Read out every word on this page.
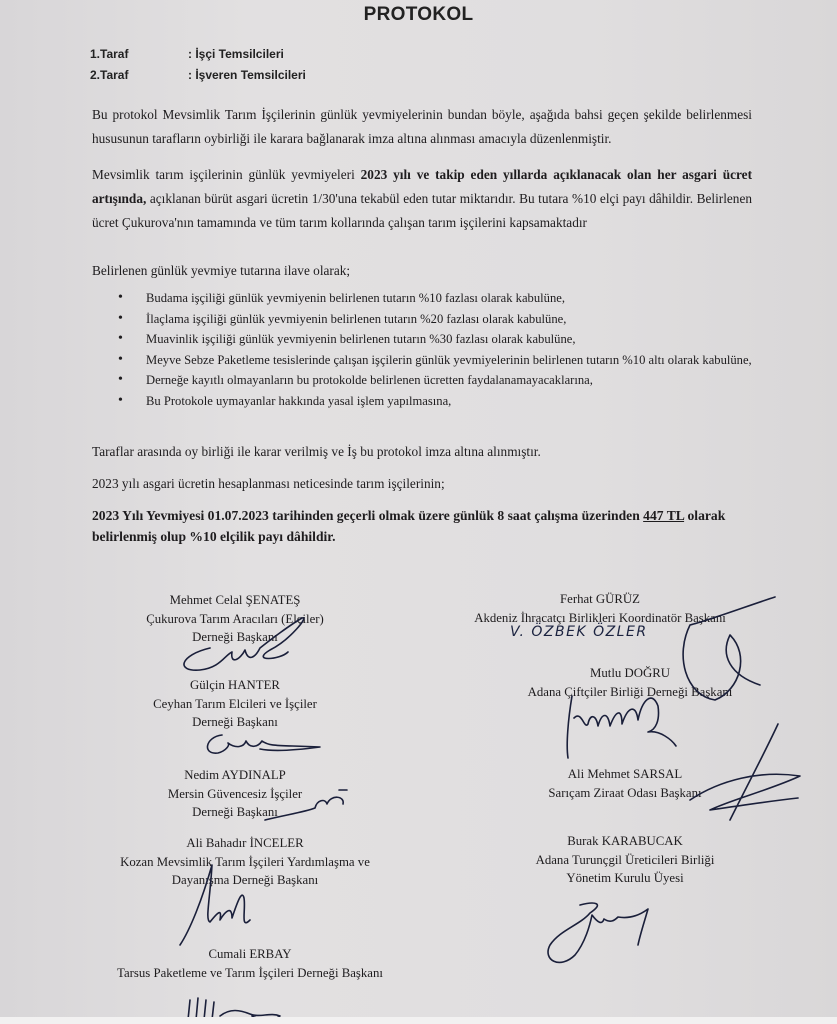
PROTOKOL
1.Taraf	: İşçi Temsilcileri
2.Taraf	: İşveren Temsilcileri
Bu protokol Mevsimlik Tarım İşçilerinin günlük yevmiyelerinin bundan böyle, aşağıda bahsi geçen şekilde belirlenmesi hususunun tarafların oybirliği ile karara bağlanarak imza altına alınması amacıyla düzenlenmiştir.
Mevsimlik tarım işçilerinin günlük yevmiyeleri 2023 yılı ve takip eden yıllarda açıklanacak olan her asgari ücret artışında, açıklanan bürüt asgari ücretin 1/30'una tekabül eden tutar miktarıdır. Bu tutara %10 elçi payı dâhildir. Belirlenen ücret Çukurova'nın tamamında ve tüm tarım kollarında çalışan tarım işçilerini kapsamaktadır
Belirlenen günlük yevmiye tutarına ilave olarak;
• Budama işçiliği günlük yevmiyenin belirlenen tutarın %10 fazlası olarak kabulüne,
• İlaçlama işçiliği günlük yevmiyenin belirlenen tutarın %20 fazlası olarak kabulüne,
• Muavinlik işçiliği günlük yevmiyenin belirlenen tutarın %30 fazlası olarak kabulüne,
• Meyve Sebze Paketleme tesislerinde çalışan işçilerin günlük yevmiyelerinin belirlenen tutarın %10 altı olarak kabulüne,
• Derneğe kayıtlı olmayanların bu protokolde belirlenen ücretten faydalanamayacaklarına,
• Bu Protokole uymayanlar hakkında yasal işlem yapılmasına,
Taraflar arasında oy birliği ile karar verilmiş ve İş bu protokol imza altına alınmıştır.
2023 yılı asgari ücretin hesaplanması neticesinde tarım işçilerinin;
2023 Yılı Yevmiyesi 01.07.2023 tarihinden geçerli olmak üzere günlük 8 saat çalışma üzerinden 447 TL olarak belirlenmiş olup %10 elçilik payı dâhildir.
Mehmet Celal ŞENATEŞ
Çukurova Tarım Aracıları (Elçiler)
Derneği Başkanı
Gülçin HANTER
Ceyhan Tarım Elcileri ve İşçiler
Derneği Başkanı
Nedim AYDINALP
Mersin Güvencesiz İşçiler
Derneği Başkanı
Ali Bahadır İNCELER
Kozan Mevsimlik Tarım İşçileri Yardımlaşma ve
Dayanışma Derneği Başkanı
Cumali ERBAY
Tarsus Paketleme ve Tarım İşçileri Derneği Başkanı
Ferhat GÜRÜZ
Akdeniz İhracatçı Birlikleri Koordinatör Başkanı
V. ÖZBEK ÖZLER
Mutlu DOĞRU
Adana Çiftçiler Birliği Derneği Başkanı
Ali Mehmet SARSAL
Sarıçam Ziraat Odası Başkanı
Burak KARABUCAK
Adana Turunçgil Üreticileri Birliği
Yönetim Kurulu Üyesi
